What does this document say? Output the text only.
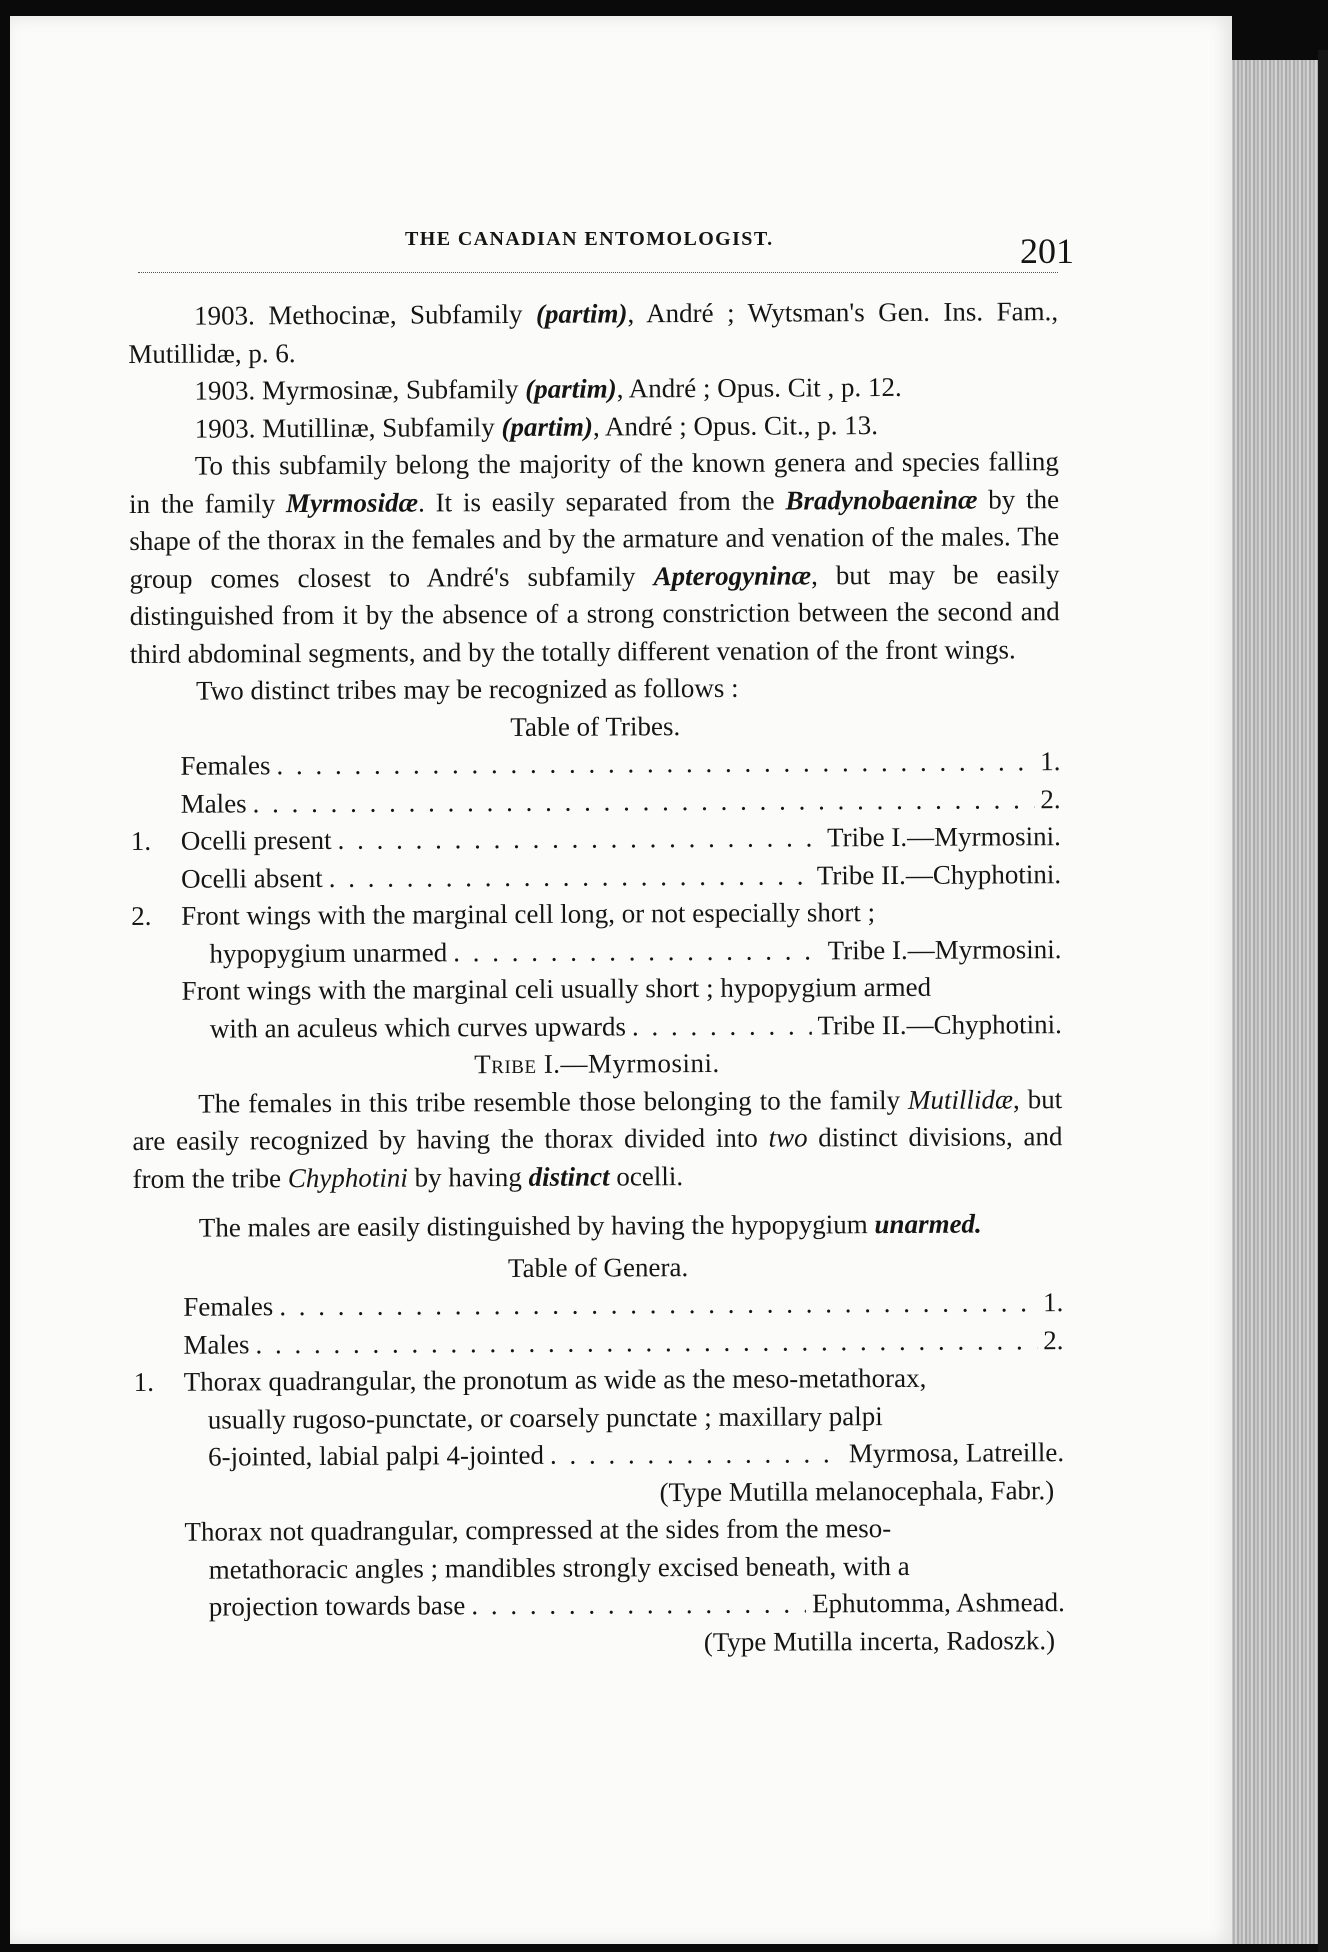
THE CANADIAN ENTOMOLOGIST.	201

1903. Methocinæ, Subfamily (partim), André ; Wytsman's Gen. Ins. Fam., Mutillidæ, p. 6.

1903. Myrmosinæ, Subfamily (partim), André ; Opus. Cit , p. 12.

1903. Mutillinæ, Subfamily (partim), André ; Opus. Cit., p. 13.

To this subfamily belong the majority of the known genera and species falling in the family Myrmosidæ. It is easily separated from the Bradynobaeninæ by the shape of the thorax in the females and by the armature and venation of the males. The group comes closest to André's subfamily Apterogyninæ, but may be easily distinguished from it by the absence of a strong constriction between the second and third abdominal segments, and by the totally different venation of the front wings.

Two distinct tribes may be recognized as follows :

Table of Tribes.

Females . . .	1.
Males . . .	2.
1.	Ocelli present . . .	Tribe I.—Myrmosini.
Ocelli absent . . .	Tribe II.—Chyphotini.
2.	Front wings with the marginal cell long, or not especially short ;
hypopygium unarmed . . .	Tribe I.—Myrmosini.
Front wings with the marginal celi usually short ; hypopygium armed
with an aculeus which curves upwards . . .	Tribe II.—Chyphotini.

Tribe I.—Myrmosini.

The females in this tribe resemble those belonging to the family Mutillidæ, but are easily recognized by having the thorax divided into two distinct divisions, and from the tribe Chyphotini by having distinct ocelli.

The males are easily distinguished by having the hypopygium unarmed.

Table of Genera.

Females . . .	1.
Males . . .	2.
1.	Thorax quadrangular, the pronotum as wide as the meso-metathorax,
usually rugoso-punctate, or coarsely punctate ; maxillary palpi
6-jointed, labial palpi 4-jointed . . .	Myrmosa, Latreille.

(Type Mutilla melanocephala, Fabr.)

Thorax not quadrangular, compressed at the sides from the meso-
metathoracic angles ; mandibles strongly excised beneath, with a
projection towards base . . .	Ephutomma, Ashmead.

(Type Mutilla incerta, Radoszk.)
